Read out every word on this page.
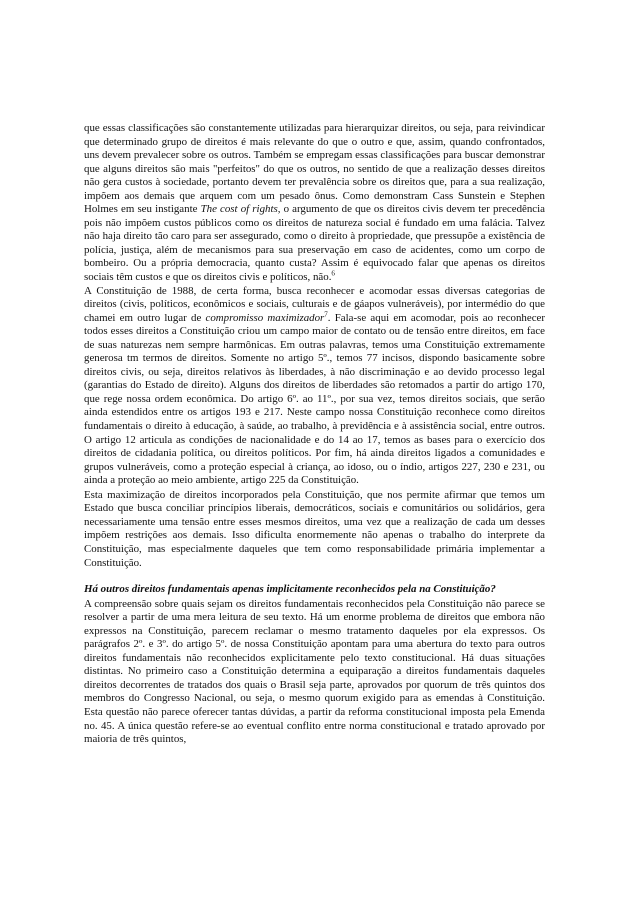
que essas classificações são constantemente utilizadas para hierarquizar direitos, ou seja, para reivindicar que determinado grupo de direitos é mais relevante do que o outro e que, assim, quando confrontados, uns devem prevalecer sobre os outros. Também se empregam essas classificações para buscar demonstrar que alguns direitos são mais "perfeitos" do que os outros, no sentido de que a realização desses direitos não gera custos à sociedade, portanto devem ter prevalência sobre os direitos que, para a sua realização, impõem aos demais que arquem com um pesado ônus. Como demonstram Cass Sunstein e Stephen Holmes em seu instigante The cost of rights, o argumento de que os direitos civis devem ter precedência pois não impõem custos públicos como os direitos de natureza social é fundado em uma falácia. Talvez não haja direito tão caro para ser assegurado, como o direito à propriedade, que pressupõe a existência de polícia, justiça, além de mecanismos para sua preservação em caso de acidentes, como um corpo de bombeiro. Ou a própria democracia, quanto custa? Assim é equivocado falar que apenas os direitos sociais têm custos e que os direitos civis e políticos, não.$^6$

A Constituição de 1988, de certa forma, busca reconhecer e acomodar essas diversas categorias de direitos (civis, políticos, econômicos e sociais, culturais e de gáapos vulneráveis), por intermédio do que chamei em outro lugar de compromisso maximizador$^7$. Fala-se aqui em acomodar, pois ao reconhecer todos esses direitos a Constituição criou um campo maior de contato ou de tensão entre direitos, em face de suas naturezas nem sempre harmônicas. Em outras palavras, temos uma Constituição extremamente generosa tm termos de direitos. Somente no artigo 5º., temos 77 incisos, dispondo basicamente sobre direitos civis, ou seja, direitos relativos às liberdades, à não discriminação e ao devido processo legal (garantias do Estado de direito). Alguns dos direitos de liberdades são retomados a partir do artigo 170, que rege nossa ordem econômica. Do artigo 6º. ao 11º., por sua vez, temos direitos sociais, que serão ainda estendidos entre os artigos 193 e 217. Neste campo nossa Constituição reconhece como direitos fundamentais o direito à educação, à saúde, ao trabalho, à previdência e à assistência social, entre outros. O artigo 12 articula as condições de nacionalidade e do 14 ao 17, temos as bases para o exercício dos direitos de cidadania política, ou direitos políticos. Por fim, há ainda direitos ligados a comunidades e grupos vulneráveis, como a proteção especial à criança, ao idoso, ou o índio, artigos 227, 230 e 231, ou ainda a proteção ao meio ambiente, artigo 225 da Constituição.

Esta maximização de direitos incorporados pela Constituição, que nos permite afirmar que temos um Estado que busca conciliar princípios liberais, democráticos, sociais e comunitários ou solidários, gera necessariamente uma tensão entre esses mesmos direitos, uma vez que a realização de cada um desses impõem restrições aos demais. Isso dificulta enormemente não apenas o trabalho do interprete da Constituição, mas especialmente daqueles que tem como responsabilidade primária implementar a Constituição.

Há outros direitos fundamentais apenas implicitamente reconhecidos pela na Constituição?

A compreensão sobre quais sejam os direitos fundamentais reconhecidos pela Constituição não parece se resolver a partir de uma mera leitura de seu texto. Há um enorme problema de direitos que embora não expressos na Constituição, parecem reclamar o mesmo tratamento daqueles por ela expressos. Os parágrafos 2º. e 3º. do artigo 5º. de nossa Constituição apontam para uma abertura do texto para outros direitos fundamentais não reconhecidos explicitamente pelo texto constitucional. Há duas situações distintas. No primeiro caso a Constituição determina a equiparação a direitos fundamentais daqueles direitos decorrentes de tratados dos quais o Brasil seja parte, aprovados por quorum de três quintos dos membros do Congresso Nacional, ou seja, o mesmo quorum exigido para as emendas à Constituição. Esta questão não parece oferecer tantas dúvidas, a partir da reforma constitucional imposta pela Emenda no. 45. A única questão refere-se ao eventual conflito entre norma constitucional e tratado aprovado por maioria de três quintos,
